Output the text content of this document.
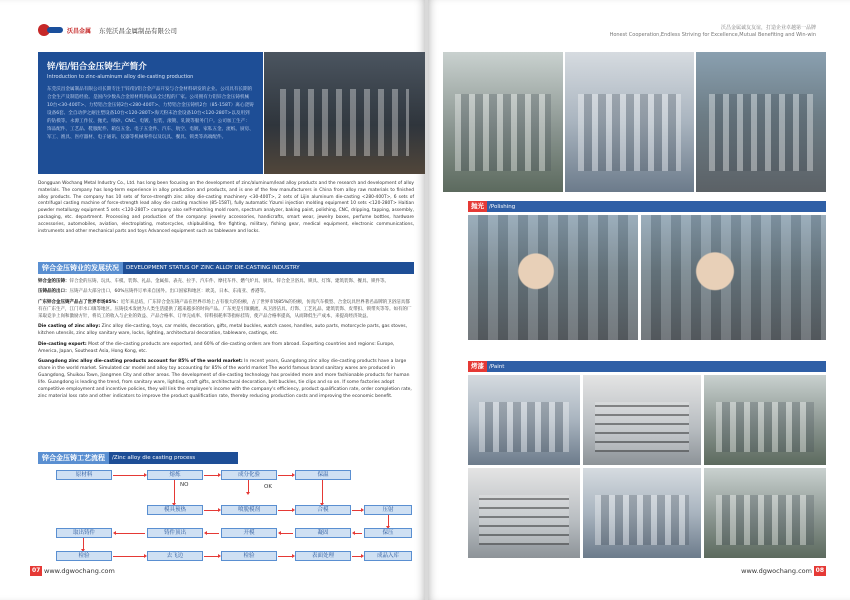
沃昌金属 东莞沃昌金属制品有限公司
锌/铝/铝合金压铸生产简介
Introduction to zinc-aluminum alloy die-casting production
东莞沃昌金属制品有限公司长期专注于锌/铝/铝合金产品开发与合金材料研发的企业。公司具有长期的合金生产及制造经验。是国内少数从合金原材料到成品全过程的厂家。公司拥有力铝锌合金压铸机械10台<30-400T>、力势铝合金压铸2台<280-400T>、力势铝合金压铸机2台（85-158T）离心浇铸设备6套、全自动伊之耐注塑设备10台<120-280T>海天粉末冶金设备10台<120-280T>以及用到的钻模等。永源工作仪、抛光、喷砂、CNC、电镀、包装、滚镀、轧镀等服务门户。公司加工生产：饰品配件、工艺品、鞋服配件、箱包五金、电子五金件、汽车、航空、电镀、家私五金、流纸、厨房、军工、渔具、医疗器材、电子通讯、仪器等机械零件以及玩具、餐具、锁类等高端配件。
Dongguan Wochang Metal Industry Co., Ltd. has long been focusing on the development of zinc/aluminum/lead alloy products and the research and development of alloy materials. The company has long-term experience in alloy production and products, and is one of the few manufacturers in China from alloy raw materials to finished alloy products. The company has 10 sets of force-strength zinc alloy die-casting machinery <30-400T>, 2 sets of Lijin aluminum die-casting <280-400T>, 6 sets of centrifugal casting machine of force-strength lead alloy die casting machine (85-158T), fully automatic Yizumi injection molding equipment 10 sets <120-280T> Haitian powder metallurgy equipment 5 sets <120-280T> company also self-matching mold room, spectrum analyzer, baking paint, polishing, CNC, dripping, tapping, assembly, packaging, etc. department. Processing and production of the company: jewelry accessories, handicrafts, smart wear, jewelry boxes, perfume bottles, hardware accessories, automobiles, aviation, electroplating, motorcycles, shipbuilding, fire fighting, military, fishing gear, medical equipment, electronic communications, instruments and other mechanical parts and toys Advanced equipment such as tableware and locks.
锌合金压铸业的发展状况	DEVELOPMENT STATUS OF ZINC ALLOY DIE-CASTING INDUSTRY

锌合金的压铸：锌合金的压铸、玩具、车模、装饰、礼品、金属扣、表壳、拉手、汽车件、摩托车件、燃气炉具、厨具、锌合金卫浴具、锁具、灯饰、建筑装饰、餐具、锁件等。

压铸品的出口：压铸产品大部分出口，60%压铸件订单来自国外。出口国家和地区：欧美、日本、东南亚、香港等。

广东锌合金压铸产品占了世界市场85%：近年来总结，广东锌合金压铸产品在世界市场上占有很大的份额，占了世界市场85%的份额，仿真汽车模型、合金玩具世界著名品牌的卫浴洁具都有在广东生产，江门市水口镇等地区。压铸技术发展为人类生活提供了越来越多的时尚产品。广东更是引领潮流，从卫浴洁具、灯饰、工艺礼品、建筑装饰、皮带扣、锁带夹等等。如有的厂采取竞争上岗和激励方针，将员工的收入与企业的效益、产品合格率、订单完成率、锌料损耗率等指标挂钩，使产品合格率提高，从而降低生产成本，来提高经济效益。

Die casting of zinc alloy: Zinc alloy die-casting, toys, car molds, decoration, gifts, metal buckles, watch cases, handles, auto parts, motorcycle parts, gas stoves, kitchen utensils, zinc alloy sanitary ware, locks, lighting, architectural decoration, tableware, castings, etc.

Die-casting export: Most of the die-casting products are exported, and 60% of die-casting orders are from abroad. Exporting countries and regions: Europe, America, Japan, Southeast Asia, Hong Kong, etc.

Guangdong zinc alloy die-casting products account for 85% of the world market: In recent years, Guangdong zinc alloy die-casting products have a large share in the world market. Simulated car model and alloy toy accounting for 85% of the world market The world famous brand sanitary wares are produced in Guangdong, Shuikou Town, Jiangmen City and other areas. The development of die-casting technology has provided more and more fashionable products for human life. Guangdong is leading the trend, from sanitary ware, lighting, craft gifts, architectural decoration, belt buckles, tie clips and so on. If some factories adopt competitive employment and incentive policies, they will link the employee's income with the company's efficiency, product qualification rate, order completion rate, zinc material loss rate and other indicators to improve the product qualification rate, thereby reducing production costs and improving the economic benefit.

锌合金压铸工艺流程	/Zinc alloy die casting process
原材料	熔炼	成分化验	保温
NO	OK
模具预热	喷脱模剂	合模	压射
取出铸件	铸件顶出	开模	凝固	保压
检验	去飞边	检验	表面处理	成品入库
07 www.dgwochang.com
沃昌金属诚友友谊，打造企业卓越第一品牌
Honest Cooperation,Endless Striving for Excellence,Mutual Benefiting and Win-win
抛光 /Polishing
烤漆 /Paint
www.dgwochang.com 08
